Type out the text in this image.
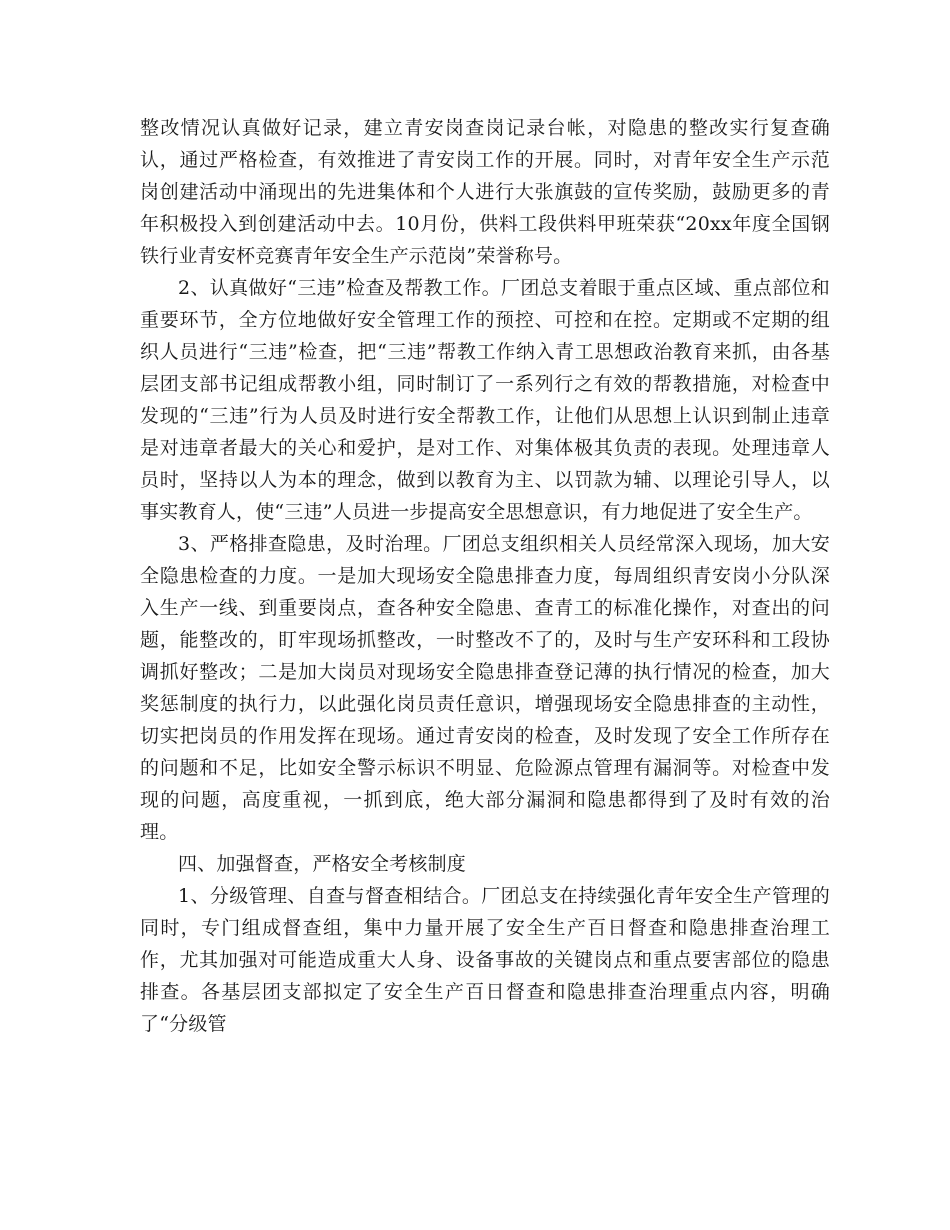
整改情况认真做好记录，建立青安岗查岗记录台帐，对隐患的整改实行复查确认，通过严格检查，有效推进了青安岗工作的开展。同时，对青年安全生产示范岗创建活动中涌现出的先进集体和个人进行大张旗鼓的宣传奖励，鼓励更多的青年积极投入到创建活动中去。10月份，供料工段供料甲班荣获“20xx年度全国钢铁行业青安杯竞赛青年安全生产示范岗”荣誉称号。

2、认真做好“三违”检查及帮教工作。厂团总支着眼于重点区域、重点部位和重要环节，全方位地做好安全管理工作的预控、可控和在控。定期或不定期的组织人员进行“三违”检查，把“三违”帮教工作纳入青工思想政治教育来抓，由各基层团支部书记组成帮教小组，同时制订了一系列行之有效的帮教措施，对检查中发现的“三违”行为人员及时进行安全帮教工作，让他们从思想上认识到制止违章是对违章者最大的关心和爱护，是对工作、对集体极其负责的表现。处理违章人员时，坚持以人为本的理念，做到以教育为主、以罚款为辅、以理论引导人，以事实教育人，使“三违”人员进一步提高安全思想意识，有力地促进了安全生产。

3、严格排查隐患，及时治理。厂团总支组织相关人员经常深入现场，加大安全隐患检查的力度。一是加大现场安全隐患排查力度，每周组织青安岗小分队深入生产一线、到重要岗点，查各种安全隐患、查青工的标准化操作，对查出的问题，能整改的，盯牢现场抓整改，一时整改不了的，及时与生产安环科和工段协调抓好整改；二是加大岗员对现场安全隐患排查登记薄的执行情况的检查，加大奖惩制度的执行力，以此强化岗员责任意识，增强现场安全隐患排查的主动性，切实把岗员的作用发挥在现场。通过青安岗的检查，及时发现了安全工作所存在的问题和不足，比如安全警示标识不明显、危险源点管理有漏洞等。对检查中发现的问题，高度重视，一抓到底，绝大部分漏洞和隐患都得到了及时有效的治理。

四、加强督查，严格安全考核制度

1、分级管理、自查与督查相结合。厂团总支在持续强化青年安全生产管理的同时，专门组成督查组，集中力量开展了安全生产百日督查和隐患排查治理工作，尤其加强对可能造成重大人身、设备事故的关键岗点和重点要害部位的隐患排查。各基层团支部拟定了安全生产百日督查和隐患排查治理重点内容，明确了“分级管
